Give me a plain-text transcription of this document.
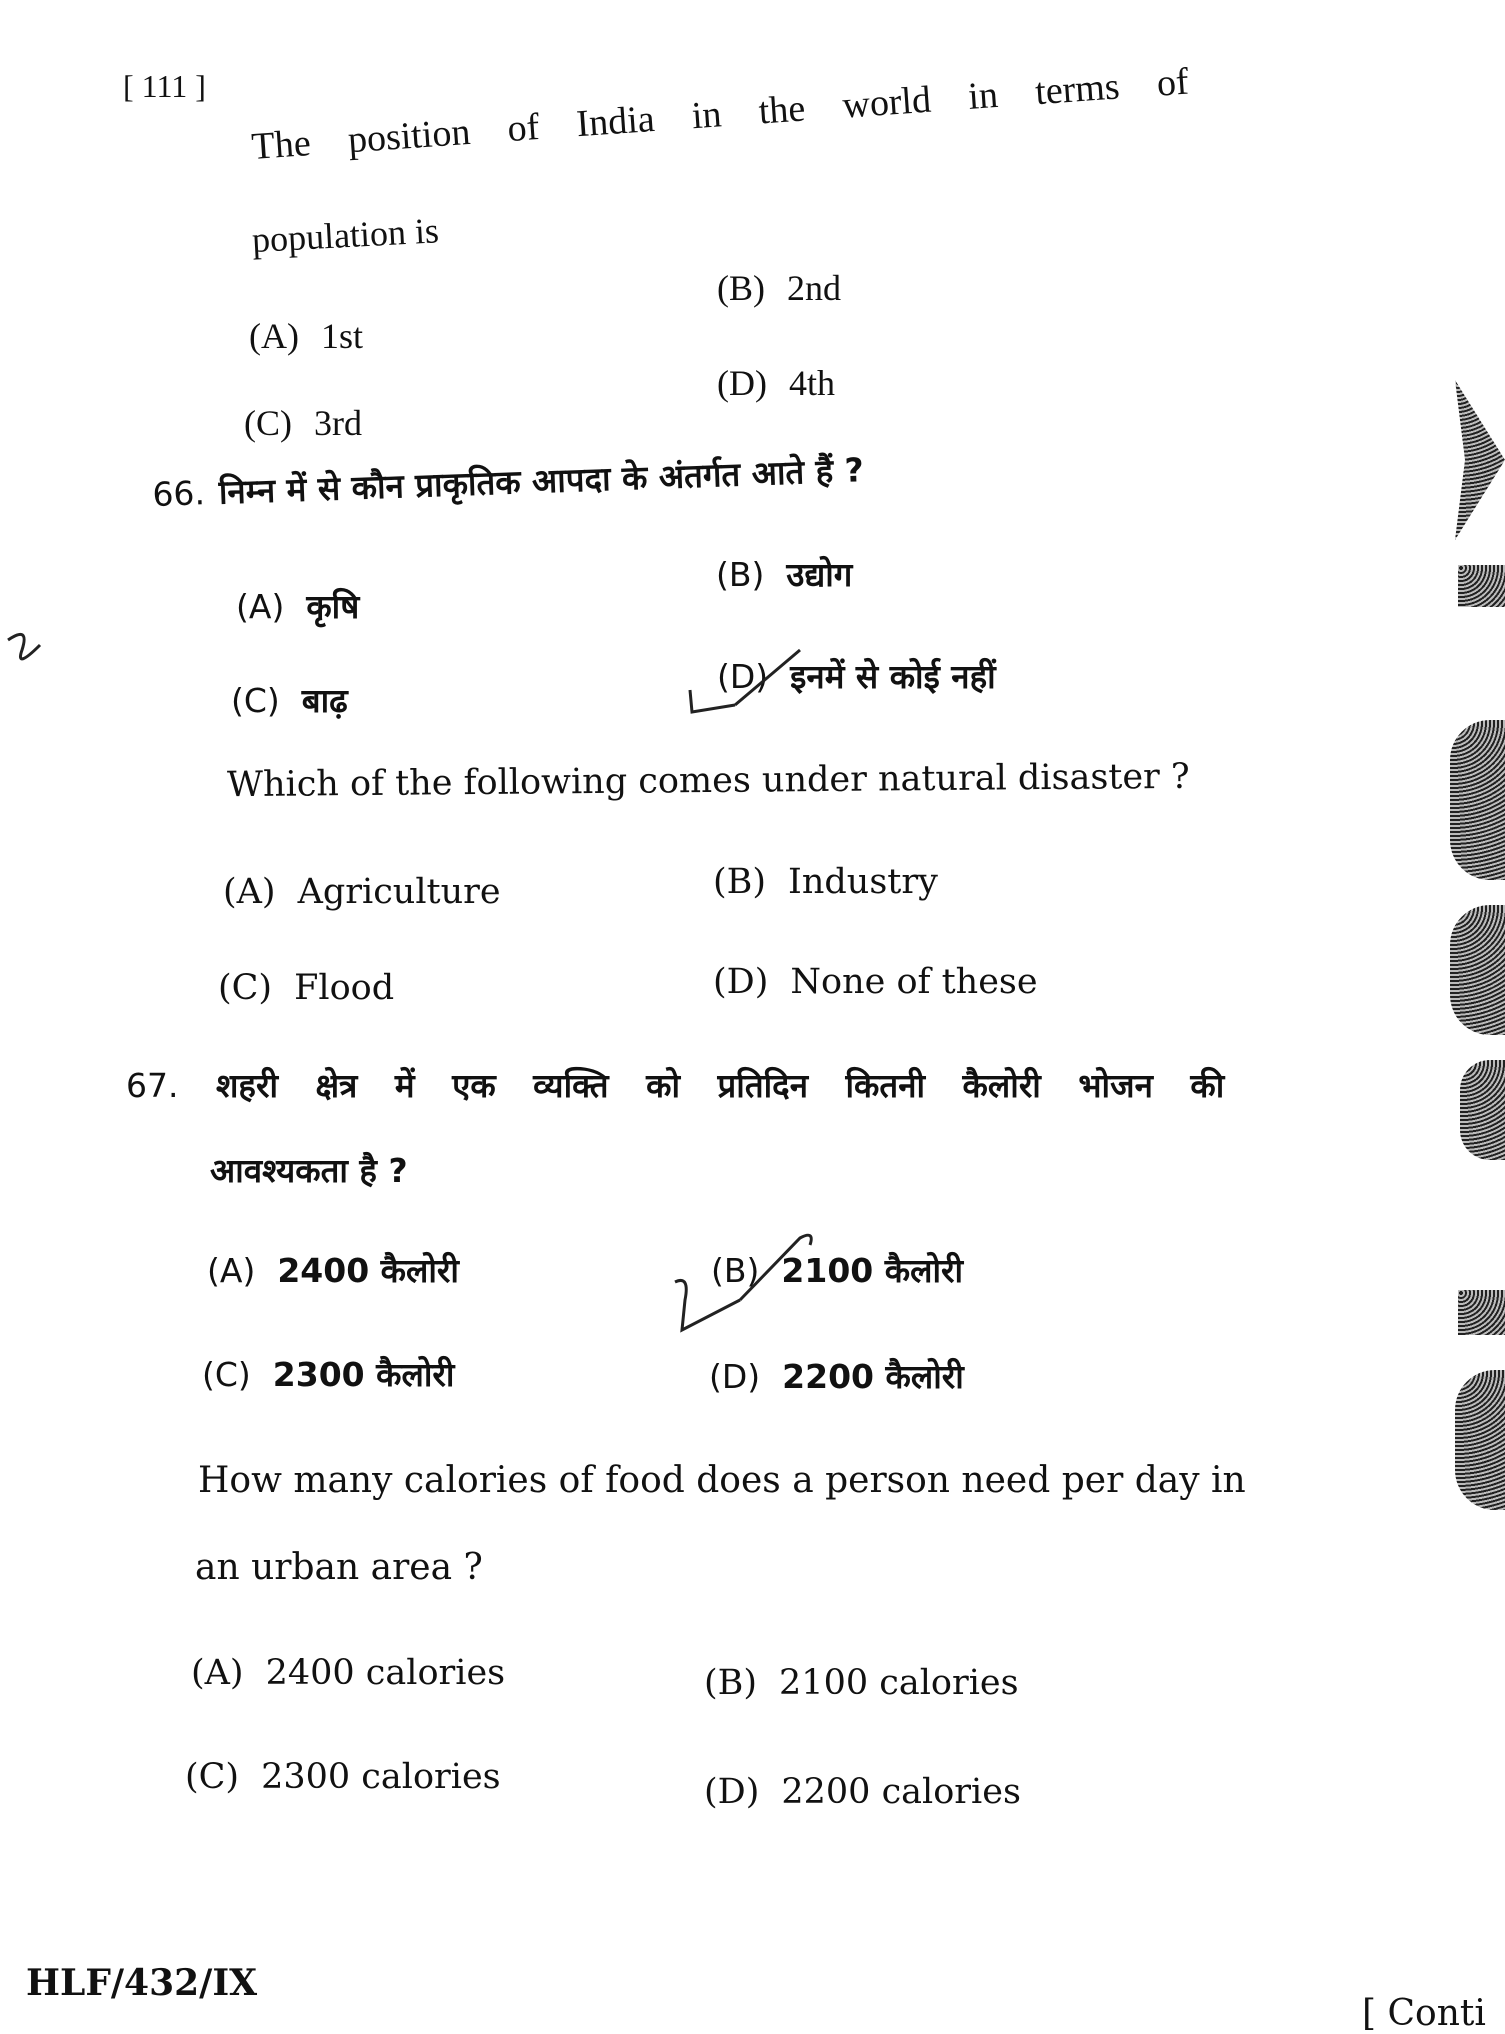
[ 111 ] The position of India in the world in terms of
population is
(A) 1st
(B) 2nd
(C) 3rd
(D) 4th
66. निम्न में से कौन प्राकृतिक आपदा के अंतर्गत आते हैं ?
(A) कृषि
(B) उद्योग
(C) बाढ़
(D) इनमें से कोई नहीं
Which of the following comes under natural disaster ?
(A) Agriculture	(B) Industry
(C) Flood	(D) None of these
67. शहरी क्षेत्र में एक व्यक्ति को प्रतिदिन कितनी कैलोरी भोजन की
आवश्यकता है ?
(A) 2400 कैलोरी	(B) 2100 कैलोरी
(C) 2300 कैलोरी	(D) 2200 कैलोरी
How many calories of food does a person need per day in
an urban area ?
(A) 2400 calories	(B) 2100 calories
(C) 2300 calories	(D) 2200 calories
HLF/432/IX
[ Conti
